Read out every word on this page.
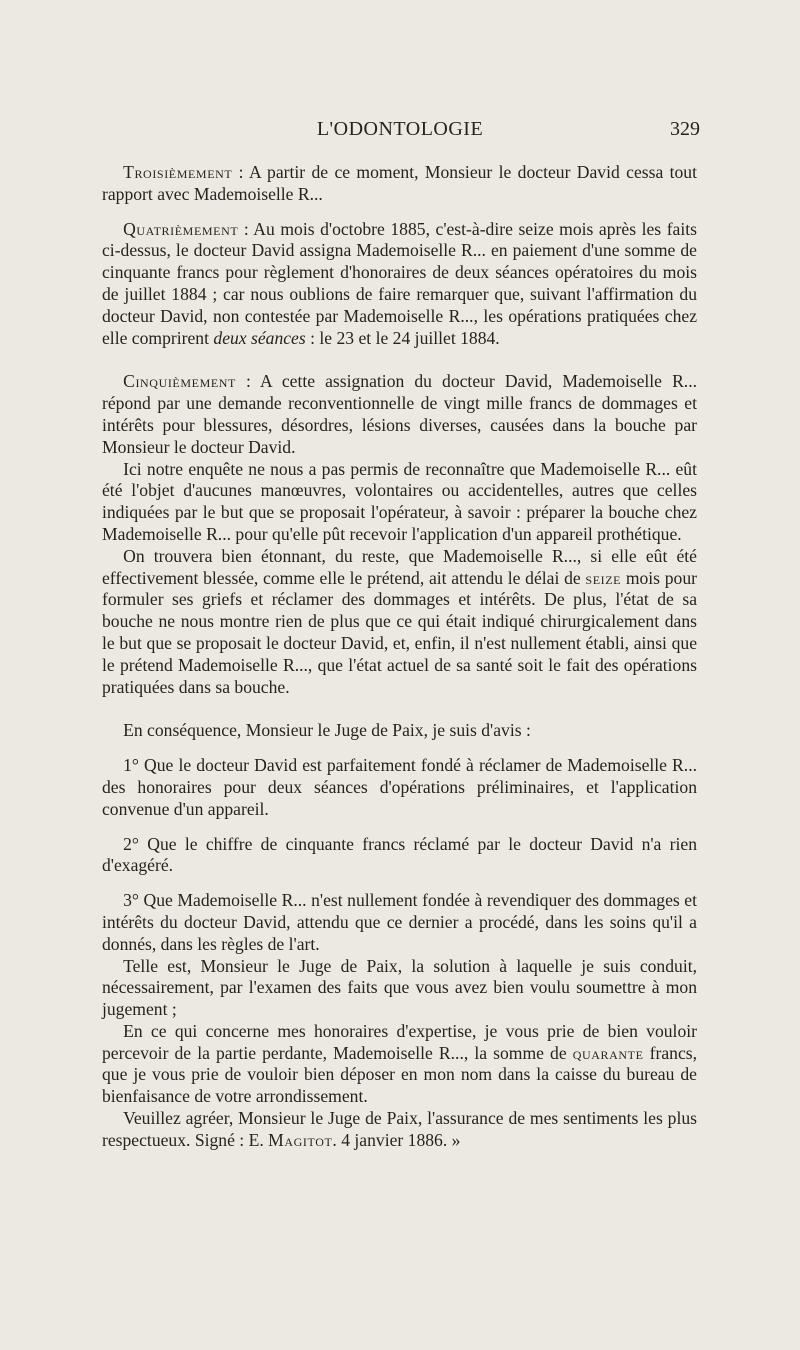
L'ODONTOLOGIE	329

Troisièmement : A partir de ce moment, Monsieur le docteur David cessa tout rapport avec Mademoiselle R...

Quatrièmement : Au mois d'octobre 1885, c'est-à-dire seize mois après les faits ci-dessus, le docteur David assigna Mademoiselle R... en paiement d'une somme de cinquante francs pour règlement d'honoraires de deux séances opératoires du mois de juillet 1884 ; car nous oublions de faire remarquer que, suivant l'affirmation du docteur David, non contestée par Mademoiselle R..., les opérations pratiquées chez elle comprirent deux séances : le 23 et le 24 juillet 1884.

Cinquièmement : A cette assignation du docteur David, Mademoiselle R... répond par une demande reconventionnelle de vingt mille francs de dommages et intérêts pour blessures, désordres, lésions diverses, causées dans la bouche par Monsieur le docteur David.

Ici notre enquête ne nous a pas permis de reconnaître que Mademoiselle R... eût été l'objet d'aucunes manœuvres, volontaires ou accidentelles, autres que celles indiquées par le but que se proposait l'opérateur, à savoir : préparer la bouche chez Mademoiselle R... pour qu'elle pût recevoir l'application d'un appareil prothétique.

On trouvera bien étonnant, du reste, que Mademoiselle R..., si elle eût été effectivement blessée, comme elle le prétend, ait attendu le délai de seize mois pour formuler ses griefs et réclamer des dommages et intérêts. De plus, l'état de sa bouche ne nous montre rien de plus que ce qui était indiqué chirurgicalement dans le but que se proposait le docteur David, et, enfin, il n'est nullement établi, ainsi que le prétend Mademoiselle R..., que l'état actuel de sa santé soit le fait des opérations pratiquées dans sa bouche.

En conséquence, Monsieur le Juge de Paix, je suis d'avis :

1° Que le docteur David est parfaitement fondé à réclamer de Mademoiselle R... des honoraires pour deux séances d'opérations préliminaires, et l'application convenue d'un appareil.

2° Que le chiffre de cinquante francs réclamé par le docteur David n'a rien d'exagéré.

3° Que Mademoiselle R... n'est nullement fondée à revendiquer des dommages et intérêts du docteur David, attendu que ce dernier a procédé, dans les soins qu'il a donnés, dans les règles de l'art.

Telle est, Monsieur le Juge de Paix, la solution à laquelle je suis conduit, nécessairement, par l'examen des faits que vous avez bien voulu soumettre à mon jugement ;

En ce qui concerne mes honoraires d'expertise, je vous prie de bien vouloir percevoir de la partie perdante, Mademoiselle R..., la somme de quarante francs, que je vous prie de vouloir bien déposer en mon nom dans la caisse du bureau de bienfaisance de votre arrondissement.

Veuillez agréer, Monsieur le Juge de Paix, l'assurance de mes sentiments les plus respectueux. Signé : E. Magitot. 4 janvier 1886. »
